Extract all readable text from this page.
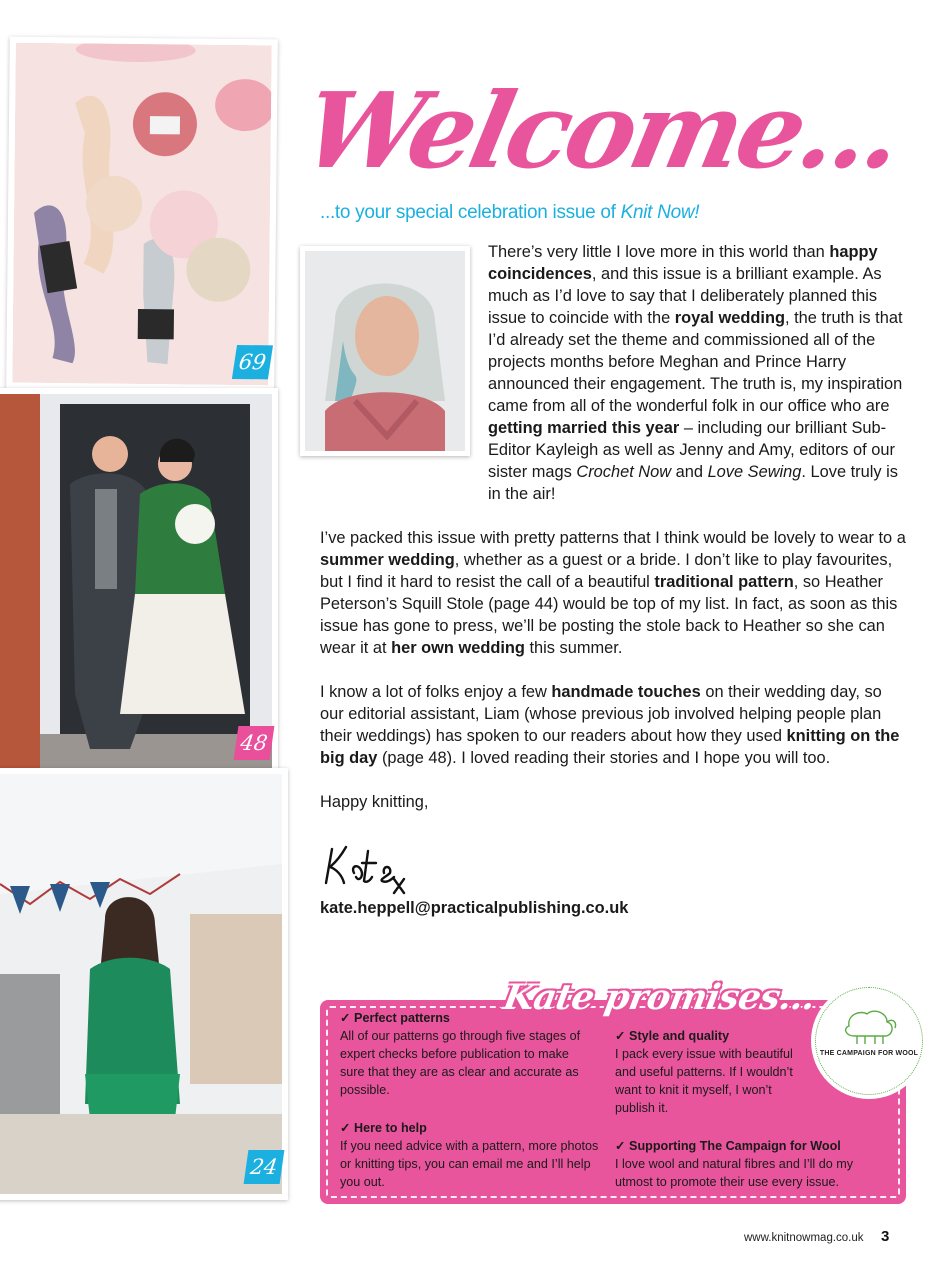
69
48
24
Welcome...
...to your special celebration issue of Knit Now!

There’s very little I love more in this world than happy coincidences, and this issue is a brilliant example. As much as I’d love to say that I deliberately planned this issue to coincide with the royal wedding, the truth is that I’d already set the theme and commissioned all of the projects months before Meghan and Prince Harry announced their engagement. The truth is, my inspiration came from all of the wonderful folk in our office who are getting married this year – including our brilliant Sub-Editor Kayleigh as well as Jenny and Amy, editors of our sister mags Crochet Now and Love Sewing. Love truly is in the air!

I’ve packed this issue with pretty patterns that I think would be lovely to wear to a summer wedding, whether as a guest or a bride. I don’t like to play favourites, but I find it hard to resist the call of a beautiful traditional pattern, so Heather Peterson’s Squill Stole (page 44) would be top of my list. In fact, as soon as this issue has gone to press, we’ll be posting the stole back to Heather so she can wear it at her own wedding this summer.

I know a lot of folks enjoy a few handmade touches on their wedding day, so our editorial assistant, Liam (whose previous job involved helping people plan their weddings) has spoken to our readers about how they used knitting on the big day (page 48). I loved reading their stories and I hope you will too.

Happy knitting,

kate.heppell@practicalpublishing.co.uk

Kate promises...
✓ Perfect patterns
All of our patterns go through five stages of expert checks before publication to make sure that they are as clear and accurate as possible.
✓ Here to help
If you need advice with a pattern, more photos or knitting tips, you can email me and I’ll help you out.
✓ Style and quality
I pack every issue with beautiful and useful patterns. If I wouldn’t want to knit it myself, I won’t publish it.
✓ Supporting The Campaign for Wool
I love wool and natural fibres and I’ll do my utmost to promote their use every issue.
THE CAMPAIGN FOR WOOL
www.knitnowmag.co.uk 3
